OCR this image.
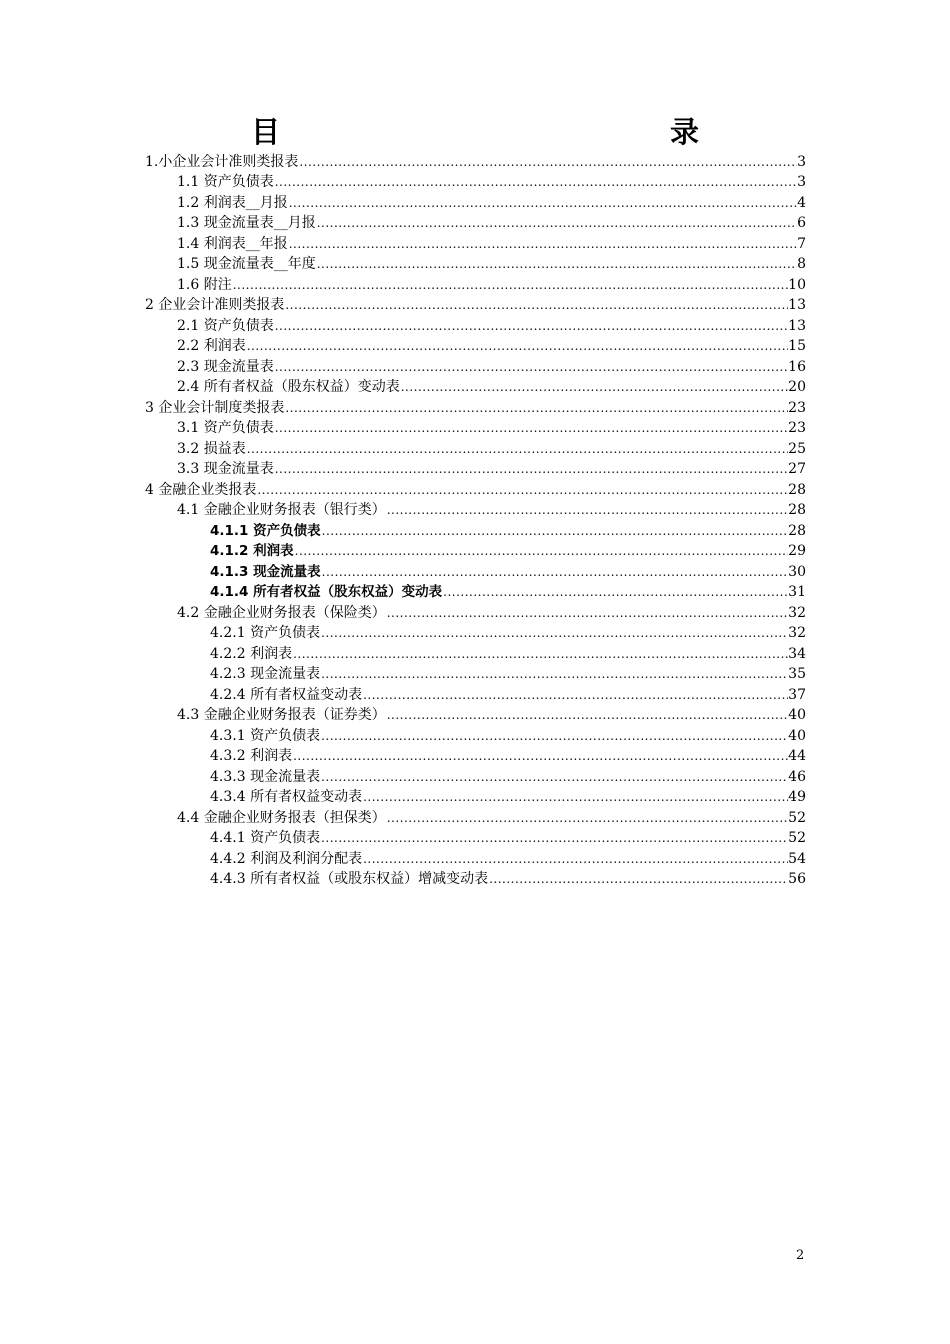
目 录
1.小企业会计准则类报表 .....	3
1.1 资产负债表 .....	3
1.2 利润表__月报 .....	4
1.3 现金流量表__月报 .....	6
1.4 利润表__年报 .....	7
1.5 现金流量表__年度 .....	8
1.6 附注 .....	10
2 企业会计准则类报表 .....	13
2.1 资产负债表 .....	13
2.2 利润表 .....	15
2.3 现金流量表 .....	16
2.4 所有者权益（股东权益）变动表 .....	20
3 企业会计制度类报表 .....	23
3.1 资产负债表 .....	23
3.2 损益表 .....	25
3.3 现金流量表 .....	27
4 金融企业类报表 .....	28
4.1 金融企业财务报表（银行类） .....	28
4.1.1 资产负债表 .....	28
4.1.2 利润表 .....	29
4.1.3 现金流量表 .....	30
4.1.4 所有者权益（股东权益）变动表 .....	31
4.2 金融企业财务报表（保险类） .....	32
4.2.1 资产负债表 .....	32
4.2.2 利润表 .....	34
4.2.3 现金流量表 .....	35
4.2.4 所有者权益变动表 .....	37
4.3 金融企业财务报表（证券类） .....	40
4.3.1 资产负债表 .....	40
4.3.2 利润表 .....	44
4.3.3 现金流量表 .....	46
4.3.4 所有者权益变动表 .....	49
4.4 金融企业财务报表（担保类） .....	52
4.4.1 资产负债表 .....	52
4.4.2 利润及利润分配表 .....	54
4.4.3 所有者权益（或股东权益）增减变动表 .....	56
2
